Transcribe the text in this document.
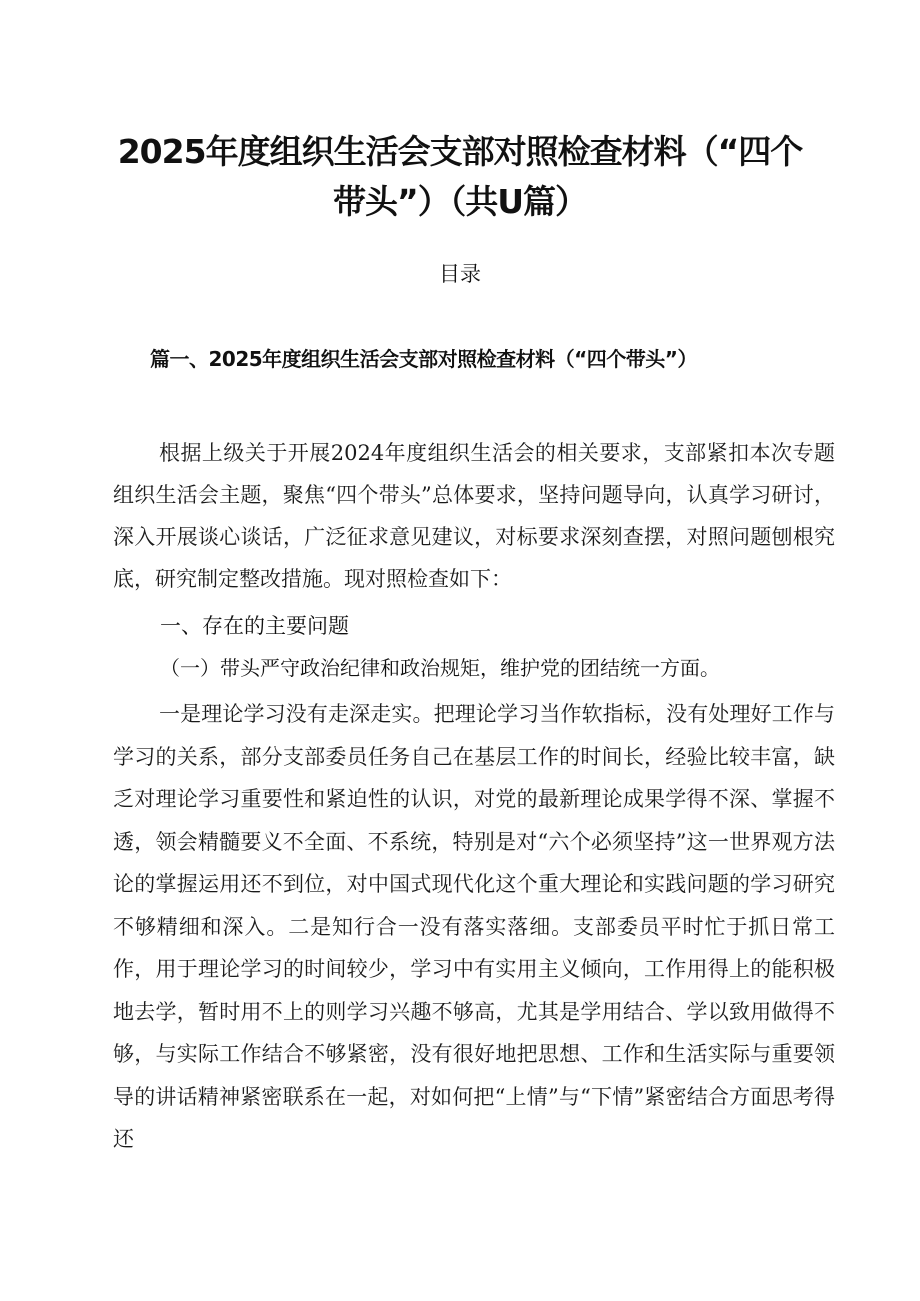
2025年度组织生活会支部对照检查材料（“四个
带头”）（共U篇）
目录
篇一、2025年度组织生活会支部对照检查材料（“四个带头”）
根据上级关于开展2024年度组织生活会的相关要求，支部紧扣本次专题组织生活会主题，聚焦“四个带头”总体要求，坚持问题导向，认真学习研讨，深入开展谈心谈话，广泛征求意见建议，对标要求深刻查摆，对照问题刨根究底，研究制定整改措施。现对照检查如下：
一、存在的主要问题
（一）带头严守政治纪律和政治规矩，维护党的团结统一方面。
一是理论学习没有走深走实。把理论学习当作软指标，没有处理好工作与学习的关系，部分支部委员任务自己在基层工作的时间长，经验比较丰富，缺乏对理论学习重要性和紧迫性的认识，对党的最新理论成果学得不深、掌握不透，领会精髓要义不全面、不系统，特别是对“六个必须坚持”这一世界观方法论的掌握运用还不到位，对中国式现代化这个重大理论和实践问题的学习研究不够精细和深入。二是知行合一没有落实落细。支部委员平时忙于抓日常工作，用于理论学习的时间较少，学习中有实用主义倾向，工作用得上的能积极地去学，暂时用不上的则学习兴趣不够高，尤其是学用结合、学以致用做得不够，与实际工作结合不够紧密，没有很好地把思想、工作和生活实际与重要领导的讲话精神紧密联系在一起，对如何把“上情”与“下情”紧密结合方面思考得还
